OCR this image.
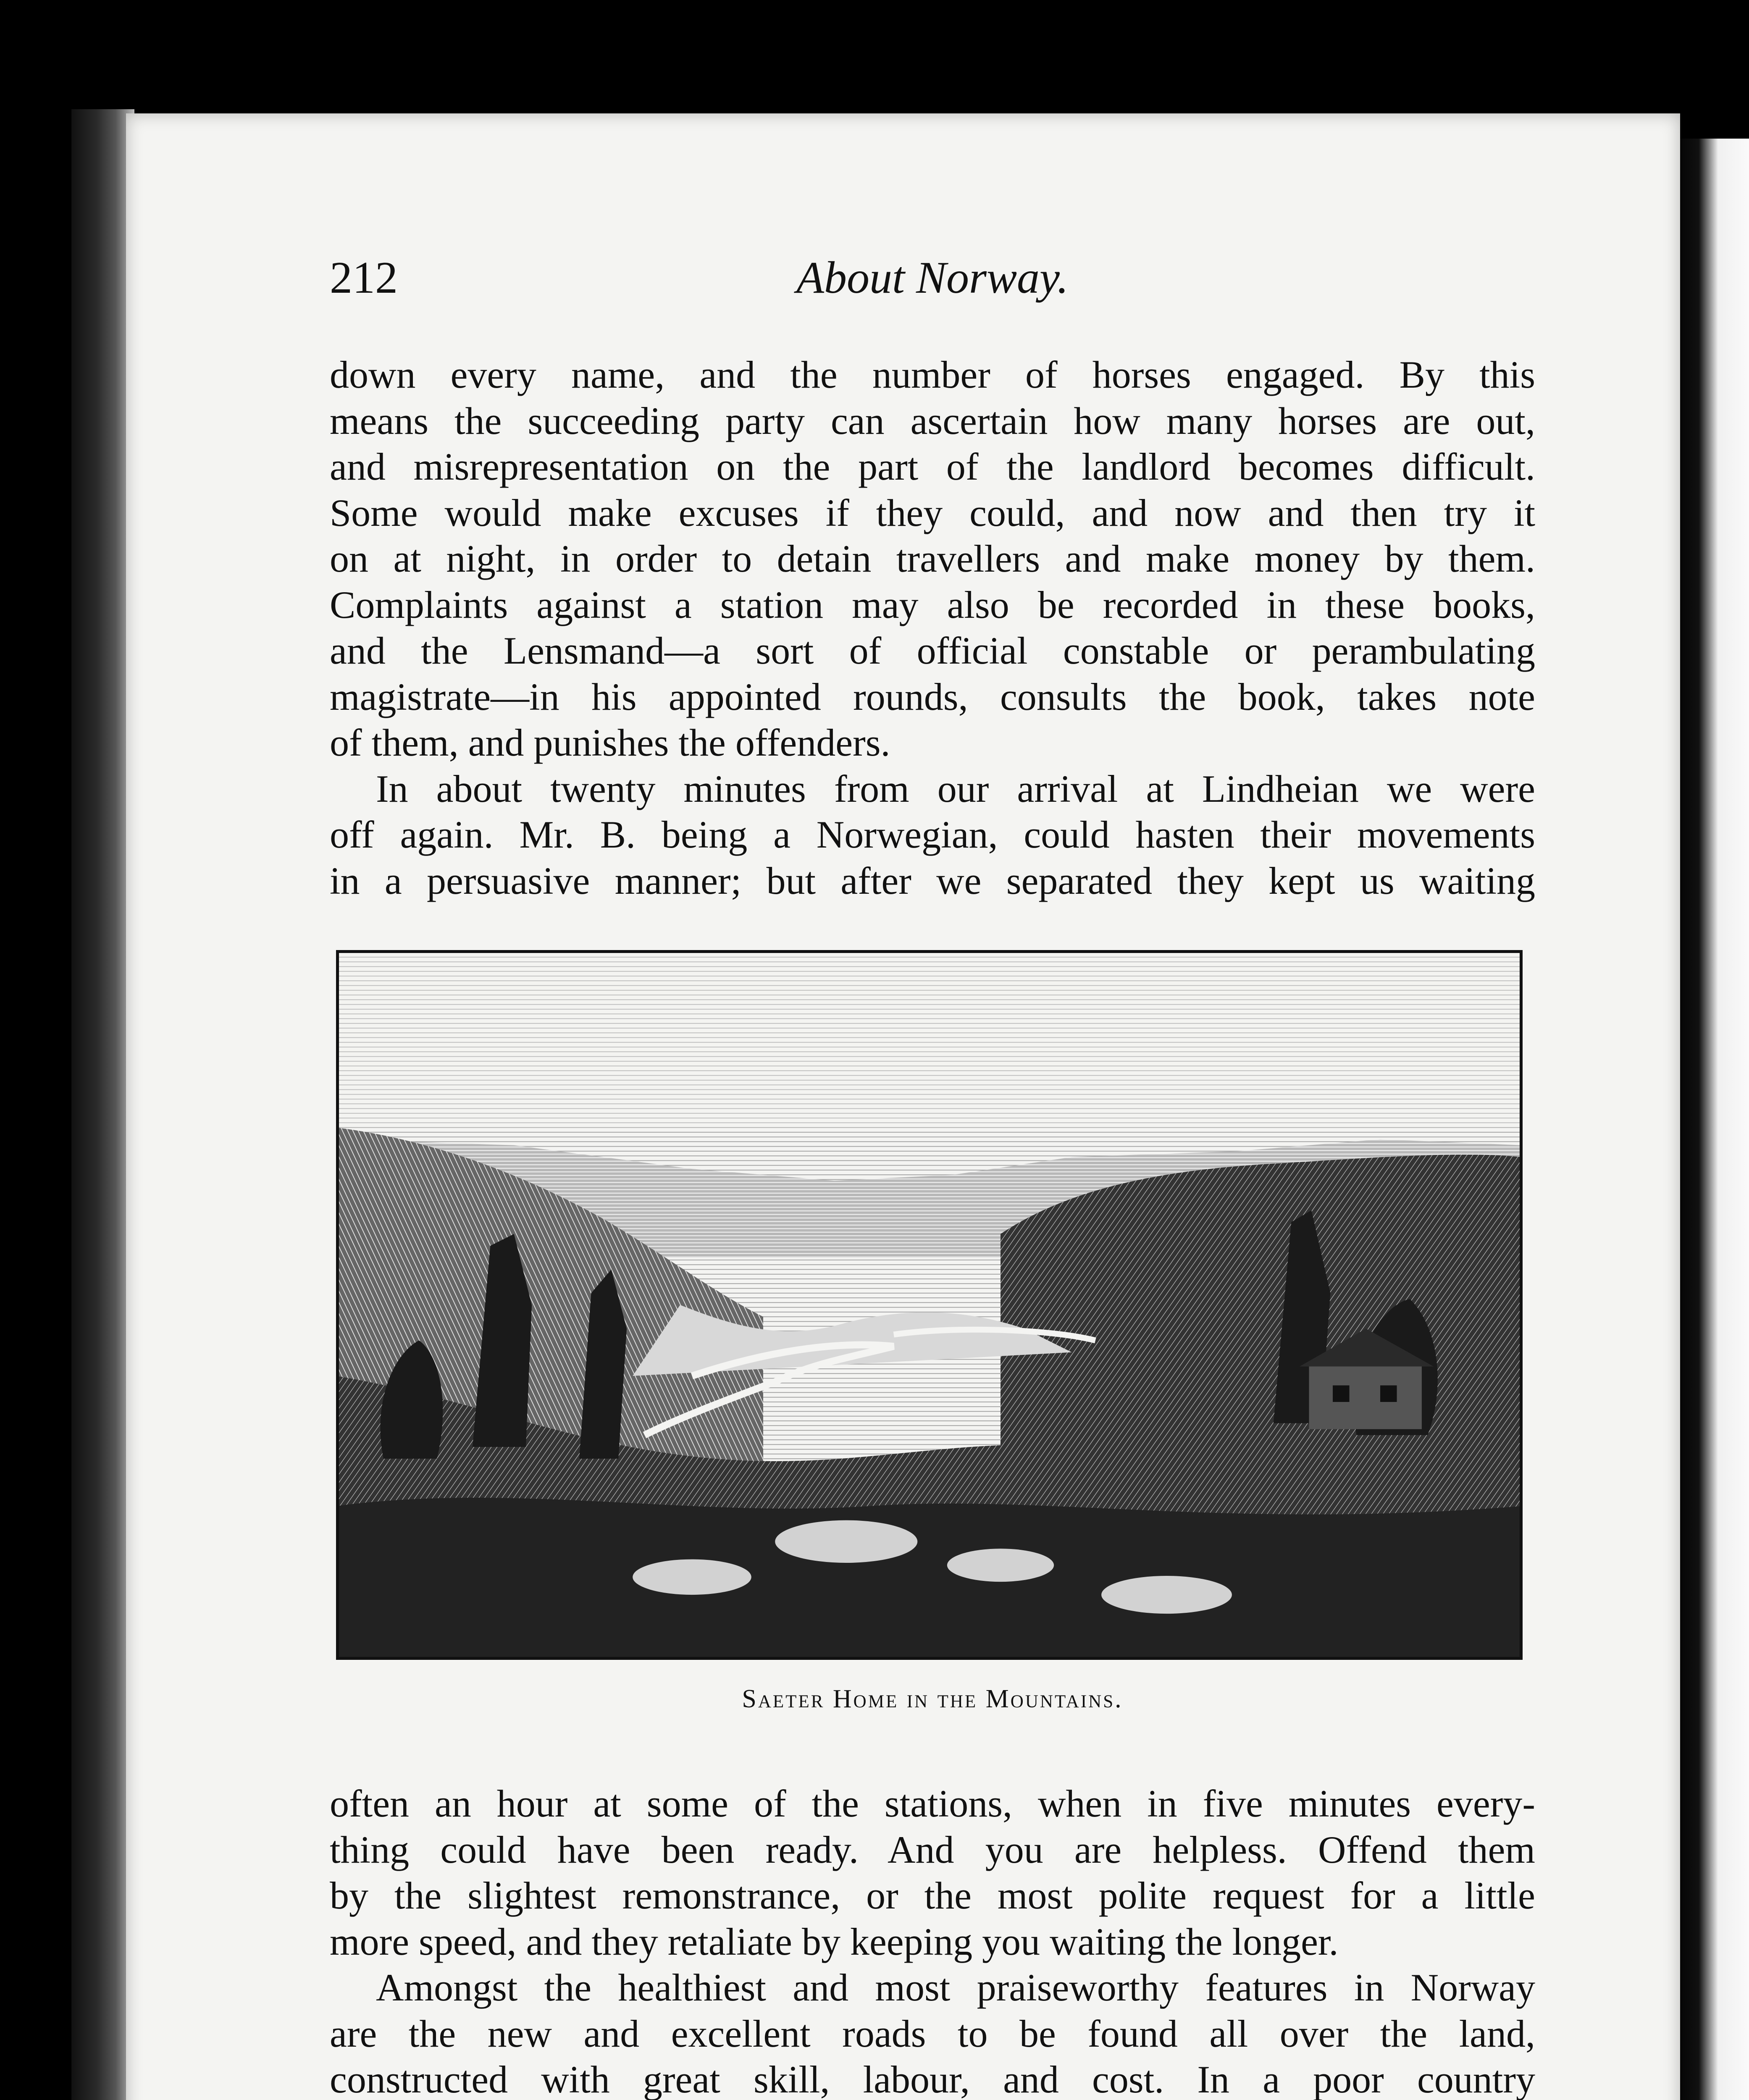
212	About Norway.

down every name, and the number of horses engaged. By this

means the succeeding party can ascertain how many horses are out,

and misrepresentation on the part of the landlord becomes difficult.

Some would make excuses if they could, and now and then try it

on at night, in order to detain travellers and make money by them.

Complaints against a station may also be recorded in these books,

and the Lensmand—a sort of official constable or perambulating

magistrate—in his appointed rounds, consults the book, takes note

of them, and punishes the offenders.

In about twenty minutes from our arrival at Lindheian we were

off again. Mr. B. being a Norwegian, could hasten their movements

in a persuasive manner; but after we separated they kept us waiting

Saeter Home in the Mountains.

often an hour at some of the stations, when in five minutes every-

thing could have been ready. And you are helpless. Offend them

by the slightest remonstrance, or the most polite request for a little

more speed, and they retaliate by keeping you waiting the longer.

Amongst the healthiest and most praiseworthy features in Norway

are the new and excellent roads to be found all over the land,

constructed with great skill, labour, and cost. In a poor country
